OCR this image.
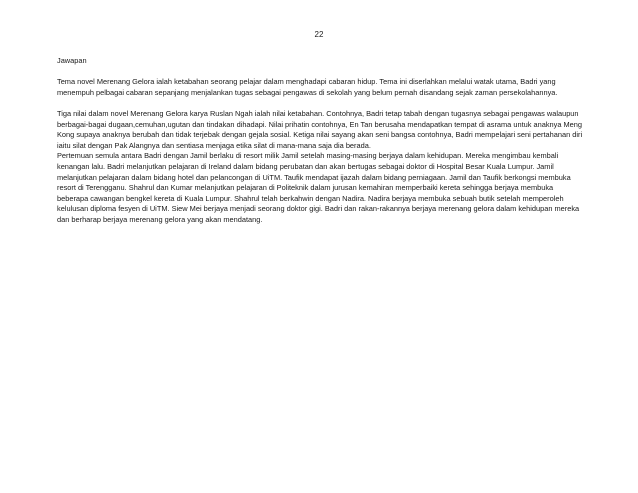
22

Jawapan

Tema novel Merenang Gelora ialah ketabahan seorang pelajar dalam menghadapi cabaran hidup. Tema ini diserlahkan melalui watak utama, Badri yang menempuh pelbagai cabaran sepanjang menjalankan tugas sebagai pengawas di sekolah yang belum pernah disandang sejak zaman persekolahannya.

Tiga nilai dalam novel Merenang Gelora karya Ruslan Ngah ialah nilai ketabahan. Contohnya, Badri tetap tabah dengan tugasnya sebagai pengawas walaupun berbagai-bagai dugaan,cemuhan,ugutan dan tindakan dihadapi. Nilai prihatin contohnya, En Tan berusaha mendapatkan tempat di asrama untuk anaknya Meng Kong supaya anaknya berubah dan tidak terjebak dengan gejala sosial. Ketiga nilai sayang akan seni bangsa contohnya, Badri mempelajari seni pertahanan diri iaitu silat dengan Pak Alangnya dan sentiasa menjaga etika silat di mana-mana saja dia berada.

Pertemuan semula antara Badri dengan Jamil berlaku di resort milik Jamil setelah masing-masing berjaya dalam kehidupan. Mereka mengimbau kembali kenangan lalu. Badri melanjutkan pelajaran di Ireland dalam bidang perubatan dan akan bertugas sebagai doktor di Hospital Besar Kuala Lumpur. Jamil melanjutkan pelajaran dalam bidang hotel dan pelancongan di UiTM. Taufik mendapat ijazah dalam bidang perniagaan. Jamil dan Taufik berkongsi membuka resort di Terengganu. Shahrul dan Kumar melanjutkan pelajaran di Politeknik dalam jurusan kemahiran memperbaiki kereta sehingga berjaya membuka beberapa cawangan bengkel kereta di Kuala Lumpur. Shahrul telah berkahwin dengan Nadira. Nadira berjaya membuka sebuah butik setelah memperoleh kelulusan diploma fesyen di UiTM. Siew Mei berjaya menjadi seorang doktor gigi. Badri dan rakan-rakannya berjaya merenang gelora dalam kehidupan mereka dan berharap berjaya merenang gelora yang akan mendatang.
